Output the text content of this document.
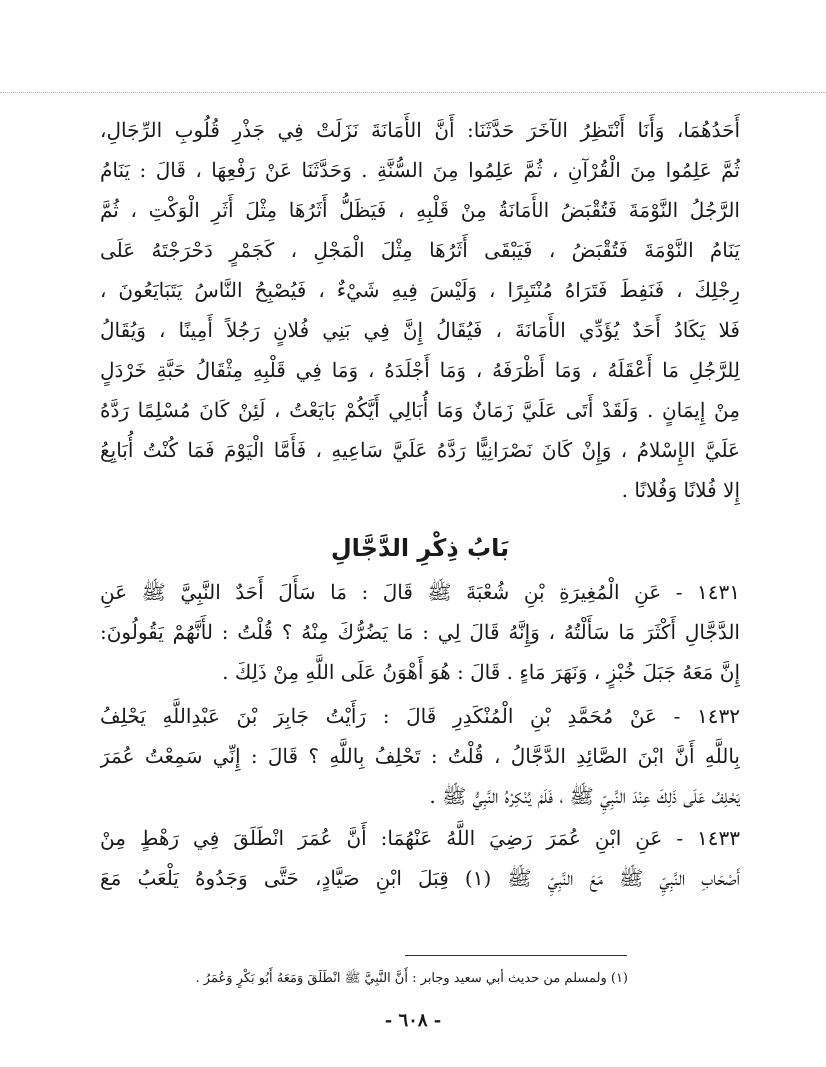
أَحَدُهُمَا، وَأَنَا أَنْتَظِرُ الآخَرَ حَدَّثَنَا: أَنَّ الأَمَانَةَ نَزَلَتْ فِي جَذْرِ قُلُوبِ الرِّجَالِ،
ثُمَّ عَلِمُوا مِنَ الْقُرْآنِ ، ثُمَّ عَلِمُوا مِنَ السُّنَّةِ . وَحَدَّثَنَا عَنْ رَفْعِهَا ، قَالَ : يَنَامُ
الرَّجُلُ النَّوْمَةَ فَتُقْبَضُ الأَمَانَةُ مِنْ قَلْبِهِ ، فَيَظَلُّ أَثَرُهَا مِثْلَ أَثَرِ الْوَكْتِ ، ثُمَّ
يَنَامُ النَّوْمَةَ فَتُقْبَضُ ، فَيَبْقَى أَثَرُهَا مِثْلَ الْمَجْلِ ، كَجَمْرٍ دَحْرَجْتَهُ عَلَى
رِجْلِكَ ، فَنَفِطَ فَتَرَاهُ مُنْتَبِرًا ، وَلَيْسَ فِيهِ شَيْءٌ ، فَيُصْبِحُ النَّاسُ يَتَبَايَعُونَ ،
فَلا يَكَادُ أَحَدٌ يُؤَدِّي الأَمَانَةَ ، فَيُقَالُ إِنَّ فِي بَنِي فُلانٍ رَجُلاً أَمِينًا ، وَيُقَالُ
لِلرَّجُلِ مَا أَعْقَلَهُ ، وَمَا أَظْرَفَهُ ، وَمَا أَجْلَدَهُ ، وَمَا فِي قَلْبِهِ مِثْقَالُ حَبَّةِ خَرْدَلٍ
مِنْ إِيمَانٍ . وَلَقَدْ أَتَى عَلَيَّ زَمَانٌ وَمَا أُبَالِي أَيَّكُمْ بَايَعْتُ ، لَئِنْ كَانَ مُسْلِمًا رَدَّهُ
عَلَيَّ الإِسْلامُ ، وَإِنْ كَانَ نَصْرَانِيًّا رَدَّهُ عَلَيَّ سَاعِيهِ ، فَأَمَّا الْيَوْمَ فَمَا كُنْتُ أُبَايِعُ
إِلا فُلانًا وَفُلانًا .
بَابُ ذِكْرِ الدَّجَّالِ
١٤٣١ - عَنِ الْمُغِيرَةِ بْنِ شُعْبَةَ ﷺ قَالَ : مَا سَأَلَ أَحَدٌ النَّبِيَّ ﷺ عَنِ
الدَّجَّالِ أَكْثَرَ مَا سَأَلْتُهُ ، وَإِنَّهُ قَالَ لِي : مَا يَضُرُّكَ مِنْهُ ؟ قُلْتُ : لأَنَّهُمْ يَقُولُونَ:
إِنَّ مَعَهُ جَبَلَ خُبْزٍ ، وَنَهَرَ مَاءٍ . قَالَ : هُوَ أَهْوَنُ عَلَى اللَّهِ مِنْ ذَلِكَ .
١٤٣٢ - عَنْ مُحَمَّدِ بْنِ الْمُنْكَدِرِ قَالَ : رَأَيْتُ جَابِرَ بْنَ عَبْدِاللَّهِ يَحْلِفُ
بِاللَّهِ أَنَّ ابْنَ الصَّائِدِ الدَّجَّالُ ، قُلْتُ : تَحْلِفُ بِاللَّهِ ؟ قَالَ : إِنِّي سَمِعْتُ عُمَرَ
يَحْلِفُ عَلَى ذَلِكَ عِنْدَ النَّبِيِّ ﷺ ، فَلَمْ يُنْكِرْهُ النَّبِيُّ ﷺ .
١٤٣٣ - عَنِ ابْنِ عُمَرَ رَضِيَ اللَّهُ عَنْهُمَا: أَنَّ عُمَرَ انْطَلَقَ فِي رَهْطٍ مِنْ
أَصْحَابِ النَّبِيِّ ﷺ مَعَ النَّبِيِّ ﷺ (١) قِبَلَ ابْنِ صَيَّادٍ، حَتَّى وَجَدُوهُ يَلْعَبُ مَعَ
(١) ولمسلم من حديث أبي سعيد وجابر : أَنَّ النَّبِيَّ ﷺ انْطَلَقَ وَمَعَهُ أَبُو بَكْرٍ وَعُمَرُ .
- ٦٠٨ -
